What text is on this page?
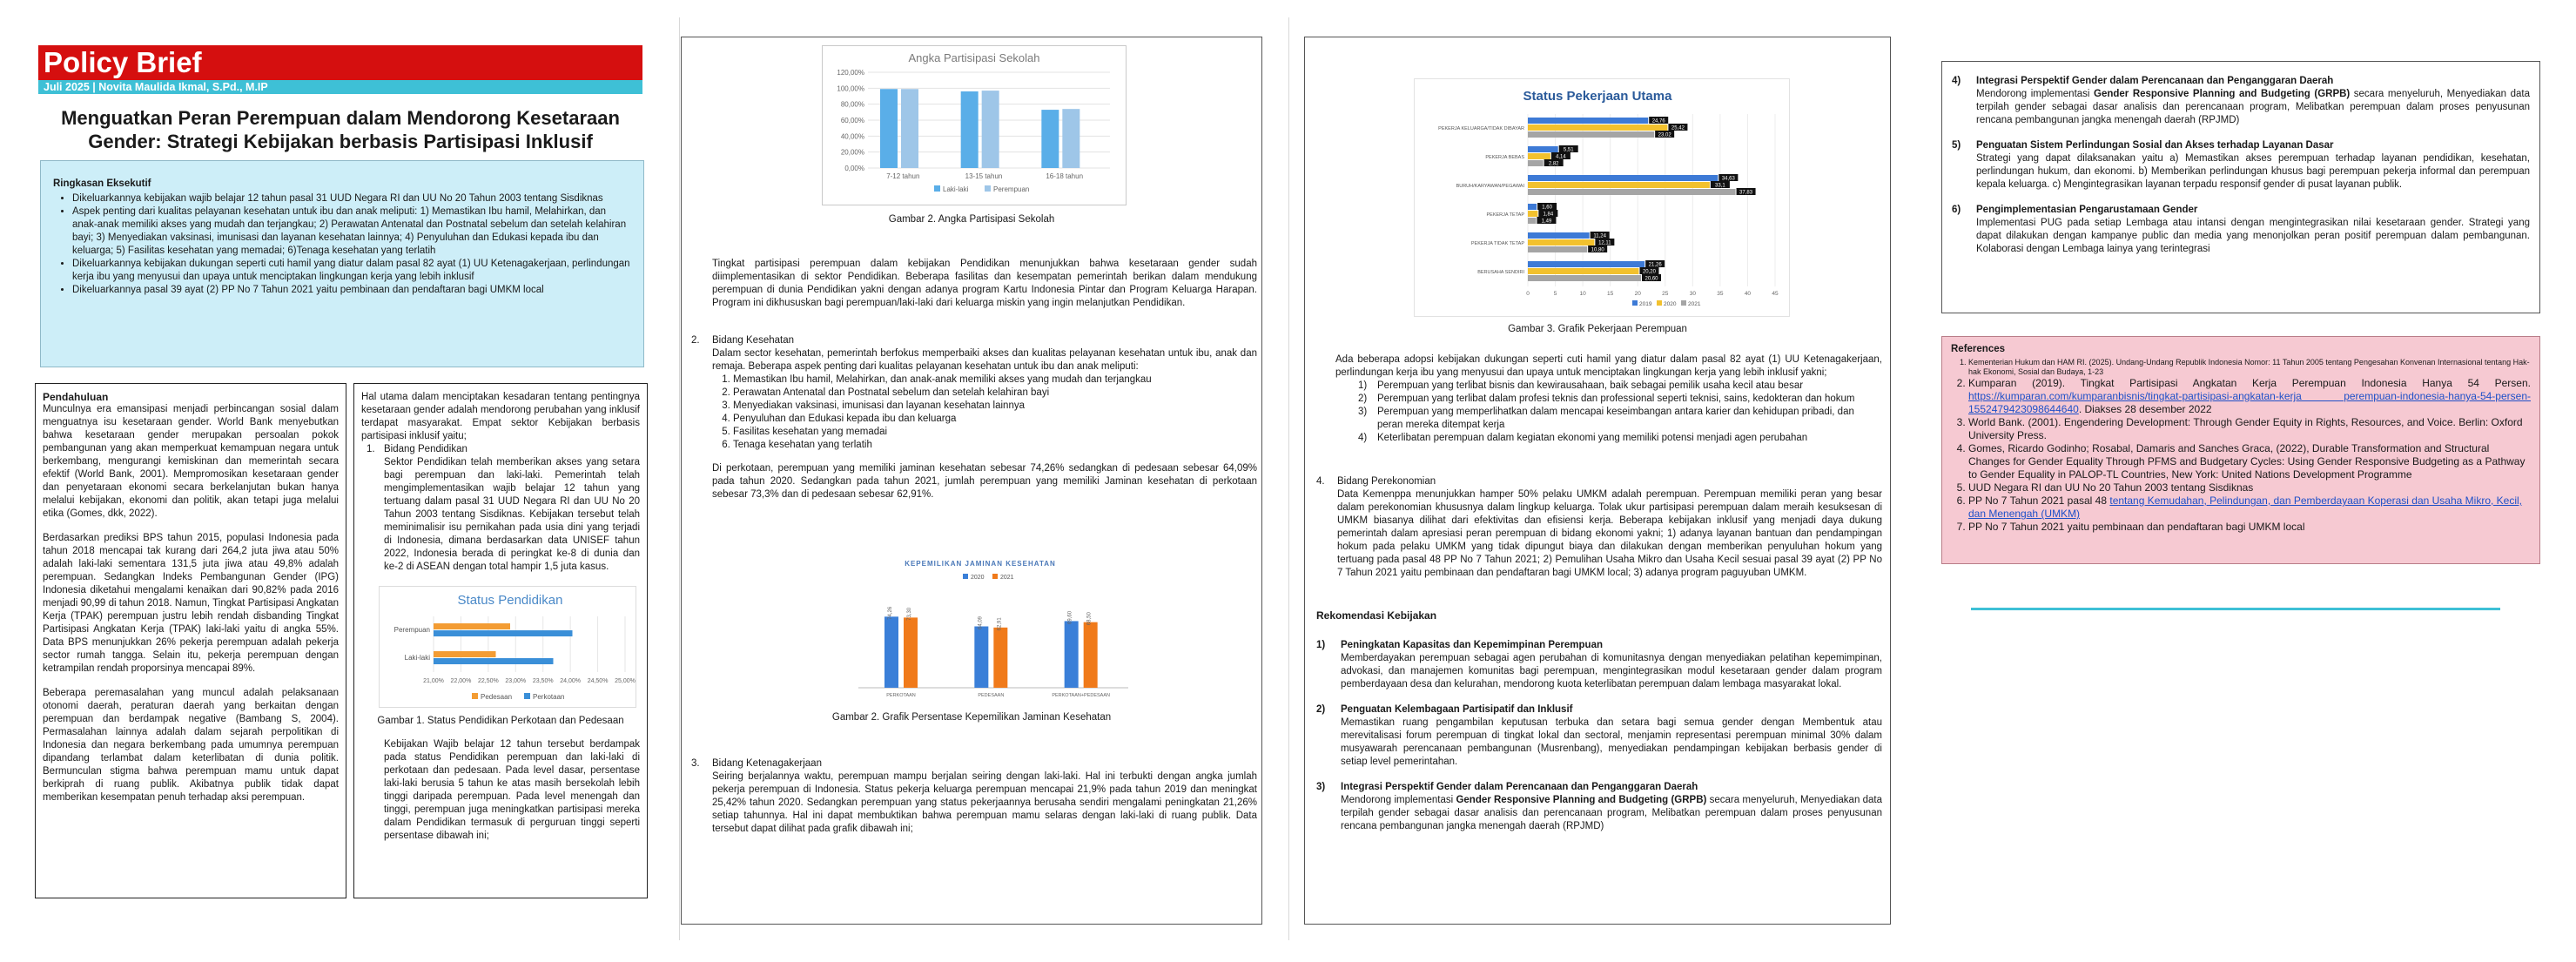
Policy Brief
Juli 2025 | Novita Maulida Ikmal, S.Pd., M.IP
Menguatkan Peran Perempuan dalam Mendorong Kesetaraan
Gender: Strategi Kebijakan berbasis Partisipasi Inklusif
Ringkasan Eksekutif
• Dikeluarkannya kebijakan wajib belajar 12 tahun pasal 31 UUD Negara RI dan UU No 20 Tahun 2003 tentang Sisdiknas
• Aspek penting dari kualitas pelayanan kesehatan untuk ibu dan anak meliputi: 1) Memastikan Ibu hamil, Melahirkan, dan anak-anak memiliki akses yang mudah dan terjangkau; 2) Perawatan Antenatal dan Postnatal sebelum dan setelah kelahiran bayi; 3) Menyediakan vaksinasi, imunisasi dan layanan kesehatan lainnya; 4) Penyuluhan dan Edukasi kepada ibu dan keluarga; 5) Fasilitas kesehatan yang memadai; 6)Tenaga kesehatan yang terlatih
• Dikeluarkannya kebijakan dukungan seperti cuti hamil yang diatur dalam pasal 82 ayat (1) UU Ketenagakerjaan, perlindungan kerja ibu yang menyusui dan upaya untuk menciptakan lingkungan kerja yang lebih inklusif
• Dikeluarkannya pasal 39 ayat (2) PP No 7 Tahun 2021 yaitu pembinaan dan pendaftaran bagi UMKM local
Pendahuluan

Munculnya era emansipasi menjadi perbincangan sosial dalam menguatnya isu kesetaraan gender. World Bank menyebutkan bahwa kesetaraan gender merupakan persoalan pokok pembangunan yang akan memperkuat kemampuan negara untuk berkembang, mengurangi kemiskinan dan memerintah secara efektif (World Bank, 2001). Mempromosikan kesetaraan gender dan penyetaraan ekonomi secara berkelanjutan bukan hanya melalui kebijakan, ekonomi dan politik, akan tetapi juga melalui etika (Gomes, dkk, 2022).

Berdasarkan prediksi BPS tahun 2015, populasi Indonesia pada tahun 2018 mencapai tak kurang dari 264,2 juta jiwa atau 50% adalah laki-laki sementara 131,5 juta jiwa atau 49,8% adalah perempuan. Sedangkan Indeks Pembangunan Gender (IPG) Indonesia diketahui mengalami kenaikan dari 90,82% pada 2016 menjadi 90,99 di tahun 2018. Namun, Tingkat Partisipasi Angkatan Kerja (TPAK) perempuan justru lebih rendah disbanding Tingkat Partisipasi Angkatan Kerja (TPAK) laki-laki yaitu di angka 55%. Data BPS menunjukkan 26% pekerja perempuan adalah pekerja sector rumah tangga. Selain itu, pekerja perempuan dengan ketrampilan rendah proporsinya mencapai 89%.

Beberapa peremasalahan yang muncul adalah pelaksanaan otonomi daerah, peraturan daerah yang berkaitan dengan perempuan dan berdampak negative (Bambang S, 2004). Permasalahan lainnya adalah dalam sejarah perpolitikan di Indonesia dan negara berkembang pada umumnya perempuan dipandang terlambat dalam keterlibatan di dunia politik. Bermunculan stigma bahwa perempuan mamu untuk dapat berkiprah di ruang publik. Akibatnya publik tidak dapat memberikan kesempatan penuh terhadap aksi perempuan.

Hal utama dalam menciptakan kesadaran tentang pentingnya kesetaraan gender adalah mendorong perubahan yang inklusif terdapat masyarakat. Empat sektor Kebijakan berbasis partisipasi inklusif yaitu;

1. Bidang Pendidikan

Sektor Pendidikan telah memberikan akses yang setara bagi perempuan dan laki-laki. Pemerintah telah mengimplementasikan wajib belajar 12 tahun yang tertuang dalam pasal 31 UUD Negara RI dan UU No 20 Tahun 2003 tentang Sisdiknas. Kebijakan tersebut telah meminimalisir isu pernikahan pada usia dini yang terjadi di Indonesia, dimana berdasarkan data UNISEF tahun 2022, Indonesia berada di peringkat ke-8 di dunia dan ke-2 di ASEAN dengan total hampir 1,5 juta kasus.

Status Pendidikan
21,00% 22,00% 22,50% 23,00% 23,50% 24,00% 24,50% 25,00%
Perempuan
Laki-laki
Pedesaan	Perkotaan
Gambar 1. Status Pendidikan Perkotaan dan Pedesaan

Kebijakan Wajib belajar 12 tahun tersebut berdampak pada status Pendidikan perempuan dan laki-laki di perkotaan dan pedesaan. Pada level dasar, persentase laki-laki berusia 5 tahun ke atas masih bersekolah lebih tinggi daripada perempuan. Pada level menengah dan tinggi, perempuan juga meningkatkan partisipasi mereka dalam Pendidikan termasuk di perguruan tinggi seperti persentase dibawah ini;

Angka Partisipasi Sekolah
0,00%
20,00%
40,00%
60,00%
80,00%
100,00%
120,00%
7-12 tahun	13-15 tahun	16-18 tahun
Laki-laki	Perempuan
Gambar 2. Angka Partisipasi Sekolah

Tingkat partisipasi perempuan dalam kebijakan Pendidikan menunjukkan bahwa kesetaraan gender sudah diimplementasikan di sektor Pendidikan. Beberapa fasilitas dan kesempatan pemerintah berikan dalam mendukung perempuan di dunia Pendidikan yakni dengan adanya program Kartu Indonesia Pintar dan Program Keluarga Harapan. Program ini dikhususkan bagi perempuan/laki-laki dari keluarga miskin yang ingin melanjutkan Pendidikan.

2.	Bidang Kesehatan

Dalam sector kesehatan, pemerintah berfokus memperbaiki akses dan kualitas pelayanan kesehatan untuk ibu, anak dan remaja. Beberapa aspek penting dari kualitas pelayanan kesehatan untuk ibu dan anak meliputi:

1. Memastikan Ibu hamil, Melahirkan, dan anak-anak memiliki akses yang mudah dan terjangkau
2. Perawatan Antenatal dan Postnatal sebelum dan setelah kelahiran bayi
3. Menyediakan vaksinasi, imunisasi dan layanan kesehatan lainnya
4. Penyuluhan dan Edukasi kepada ibu dan keluarga
5. Fasilitas kesehatan yang memadai
6. Tenaga kesehatan yang terlatih

Di perkotaan, perempuan yang memiliki jaminan kesehatan sebesar 74,26% sedangkan di pedesaan sebesar 64,09% pada tahun 2020. Sedangkan pada tahun 2021, jumlah perempuan yang memiliki Jaminan kesehatan di perkotaan sebesar 73,3% dan di pedesaan sebesar 62,91%.

KEPEMILIKAN JAMINAN KESEHATAN
2020	2021
74,26	73,30
PERKOTAAN
64,09	62,91
PEDESAAN
69,60	68,50
PERKOTAAN+PEDESAAN
Gambar 2. Grafik Persentase Kepemilikan Jaminan Kesehatan
3.	Bidang Ketenagakerjaan

Seiring berjalannya waktu, perempuan mampu berjalan seiring dengan laki-laki. Hal ini terbukti dengan angka jumlah pekerja perempuan di Indonesia. Status pekerja keluarga perempuan mencapai 21,9% pada tahun 2019 dan meningkat 25,42% tahun 2020. Sedangkan perempuan yang status pekerjaannya berusaha sendiri mengalami peningkatan 21,26% setiap tahunnya. Hal ini dapat membuktikan bahwa perempuan mamu selaras dengan laki-laki di ruang publik. Data tersebut dapat dilihat pada grafik dibawah ini;

Status Pekerjaan Utama
0	5	10	15	20	25	30	35	40	45
24,76
25,42
23,02
PEKERJA KELUARGA/TIDAK DIBAYAR
5,51
4,14
2,82
PEKERJA BEBAS
34,63
33,1
37,83
BURUH/KARYAWAN/PEGAWAI
1,60
1,84
1,49
PEKERJA TETAP
11,24
12,11
10,80
PEKERJA TIDAK TETAP
21,26
20,20
20,60
BERUSAHA SENDIRI
2019 2020 2021
Gambar 3. Grafik Pekerjaan Perempuan

Ada beberapa adopsi kebijakan dukungan seperti cuti hamil yang diatur dalam pasal 82 ayat (1) UU Ketenagakerjaan, perlindungan kerja ibu yang menyusui dan upaya untuk menciptakan lingkungan kerja yang lebih inklusif yakni;

1)	Perempuan yang terlibat bisnis dan kewirausahaan, baik sebagai pemilik usaha kecil atau besar
2)	Perempuan yang terlibat dalam profesi teknis dan professional seperti teknisi, sains, kedokteran dan hokum
3)	Perempuan yang memperlihatkan dalam mencapai keseimbangan antara karier dan kehidupan pribadi, dan peran mereka ditempat kerja
4)	Keterlibatan perempuan dalam kegiatan ekonomi yang memiliki potensi menjadi agen perubahan
4.	Bidang Perekonomian

Data Kemenppa menunjukkan hamper 50% pelaku UMKM adalah perempuan. Perempuan memiliki peran yang besar dalam perekonomian khususnya dalam lingkup keluarga. Tolak ukur partisipasi perempuan dalam meraih kesuksesan di UMKM biasanya dilihat dari efektivitas dan efisiensi kerja. Beberapa kebijakan inklusif yang menjadi daya dukung pemerintah dalam apresiasi peran perempuan di bidang ekonomi yakni; 1) adanya layanan bantuan dan pendampingan hokum pada pelaku UMKM yang tidak dipungut biaya dan dilakukan dengan memberikan penyuluhan hokum yang tertuang pada pasal 48 PP No 7 Tahun 2021; 2) Pemulihan Usaha Mikro dan Usaha Kecil sesuai pasal 39 ayat (2) PP No 7 Tahun 2021 yaitu pembinaan dan pendaftaran bagi UMKM local; 3) adanya program paguyuban UMKM.

Rekomendasi Kebijakan
1)	Peningkatan Kapasitas dan Kepemimpinan Perempuan

Memberdayakan perempuan sebagai agen perubahan di komunitasnya dengan menyediakan pelatihan kepemimpinan, advokasi, dan manajemen komunitas bagi perempuan, mengintegrasikan modul kesetaraan gender dalam program pemberdayaan desa dan kelurahan, mendorong kuota keterlibatan perempuan dalam lembaga masyarakat lokal.

2)	Penguatan Kelembagaan Partisipatif dan Inklusif

Memastikan ruang pengambilan keputusan terbuka dan setara bagi semua gender dengan Membentuk atau merevitalisasi forum perempuan di tingkat lokal dan sectoral, menjamin representasi perempuan minimal 30% dalam musyawarah perencanaan pembangunan (Musrenbang), menyediakan pendampingan kebijakan berbasis gender di setiap level pemerintahan.

3)	Integrasi Perspektif Gender dalam Perencanaan dan Penganggaran Daerah

Mendorong implementasi Gender Responsive Planning and Budgeting (GRPB) secara menyeluruh, Menyediakan data terpilah gender sebagai dasar analisis dan perencanaan program, Melibatkan perempuan dalam proses penyusunan rencana pembangunan jangka menengah daerah (RPJMD)

4)	Integrasi Perspektif Gender dalam Perencanaan dan Penganggaran Daerah

Mendorong implementasi Gender Responsive Planning and Budgeting (GRPB) secara menyeluruh, Menyediakan data terpilah gender sebagai dasar analisis dan perencanaan program, Melibatkan perempuan dalam proses penyusunan rencana pembangunan jangka menengah daerah (RPJMD)

5)	Penguatan Sistem Perlindungan Sosial dan Akses terhadap Layanan Dasar

Strategi yang dapat dilaksanakan yaitu a) Memastikan akses perempuan terhadap layanan pendidikan, kesehatan, perlindungan hukum, dan ekonomi. b) Memberikan perlindungan khusus bagi perempuan pekerja informal dan perempuan kepala keluarga. c) Mengintegrasikan layanan terpadu responsif gender di pusat layanan publik.

6)	Pengimplementasian Pengarustamaan Gender

Implementasi PUG pada setiap Lembaga atau intansi dengan mengintegrasikan nilai kesetaraan gender. Strategi yang dapat dilakukan dengan kampanye public dan media yang menonjolkan peran positif perempuan dalam pembangunan. Kolaborasi dengan Lembaga lainya yang terintegrasi

References
1. Kementerian Hukum dan HAM RI. (2025). Undang-Undang Republik Indonesia Nomor: 11 Tahun 2005 tentang Pengesahan Konvenan Internasional tentang Hak-hak Ekonomi, Sosial dan Budaya, 1-23
2. Kumparan (2019). Tingkat Partisipasi Angkatan Kerja Perempuan Indonesia Hanya 54 Persen. https://kumparan.com/kumparanbisnis/tingkat-partisipasi-angkatan-kerja perempuan-indonesia-hanya-54-persen-1552479423098644640. Diakses 28 desember 2022
3. World Bank. (2001). Engendering Development: Through Gender Equity in Rights, Resources, and Voice. Berlin: Oxford University Press.
4. Gomes, Ricardo Godinho; Rosabal, Damaris and Sanches Graca, (2022), Durable Transformation and Structural Changes for Gender Equality Through PFMS and Budgetary Cycles: Using Gender Responsive Budgeting as a Pathway to Gender Equality in PALOP-TL Countries, New York: United Nations Development Programme
5. UUD Negara RI dan UU No 20 Tahun 2003 tentang Sisdiknas
6. PP No 7 Tahun 2021 pasal 48 tentang Kemudahan, Pelindungan, dan Pemberdayaan Koperasi dan Usaha Mikro, Kecil, dan Menengah (UMKM)
7. PP No 7 Tahun 2021 yaitu pembinaan dan pendaftaran bagi UMKM local
